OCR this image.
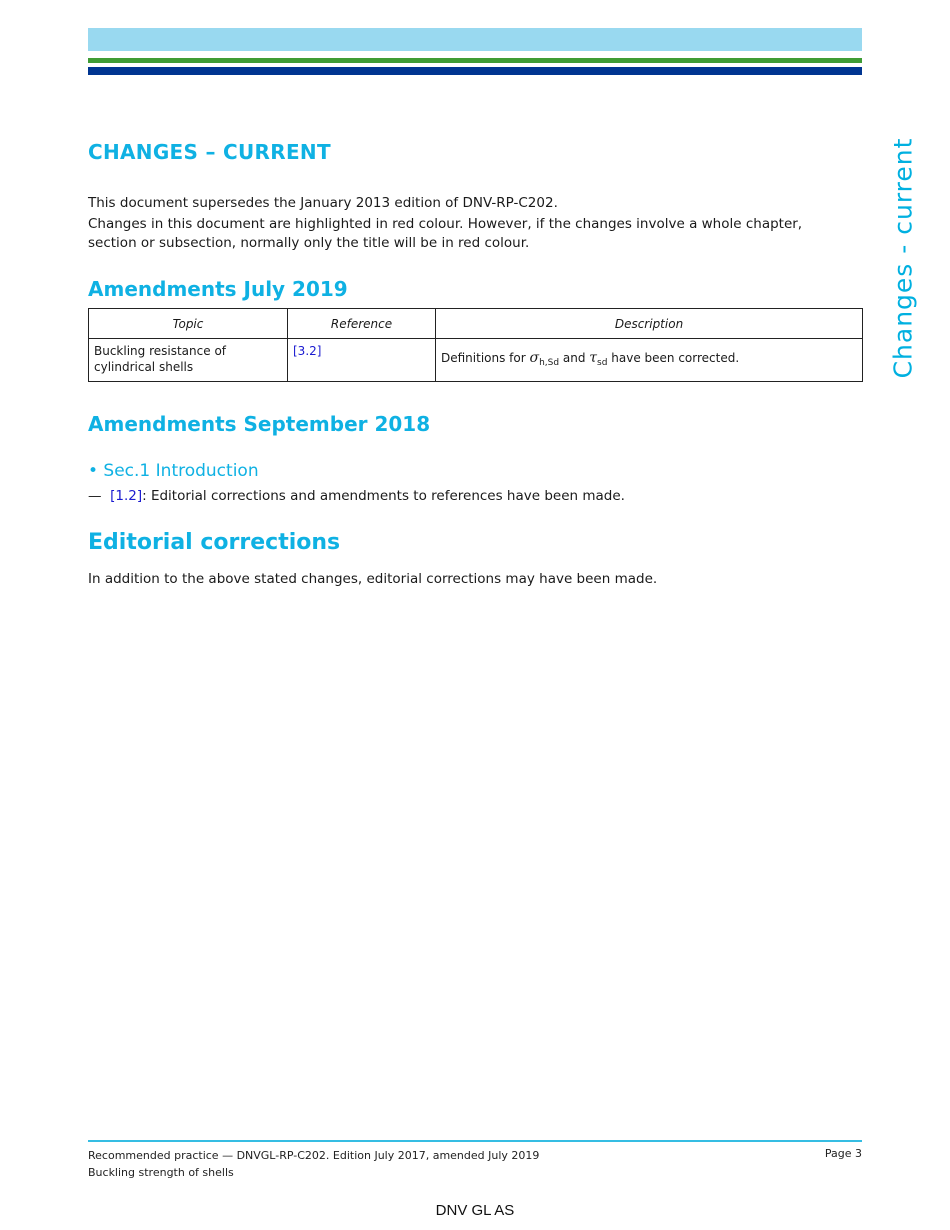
Changes - current
CHANGES – CURRENT

This document supersedes the January 2013 edition of DNV-RP-C202.

Changes in this document are highlighted in red colour. However, if the changes involve a whole chapter, section or subsection, normally only the title will be in red colour.

Amendments July 2019
Topic	Reference	Description
Buckling resistance of cylindrical shells	[3.2]	Definitions for $\sigma_{h,Sd}$ and $\tau_{sd}$ have been corrected.
Amendments September 2018

• Sec.1 Introduction

— [1.2]: Editorial corrections and amendments to references have been made.

Editorial corrections

In addition to the above stated changes, editorial corrections may have been made.

Recommended practice — DNVGL-RP-C202. Edition July 2017, amended July 2019
Buckling strength of shells
Page 3
DNV GL AS
